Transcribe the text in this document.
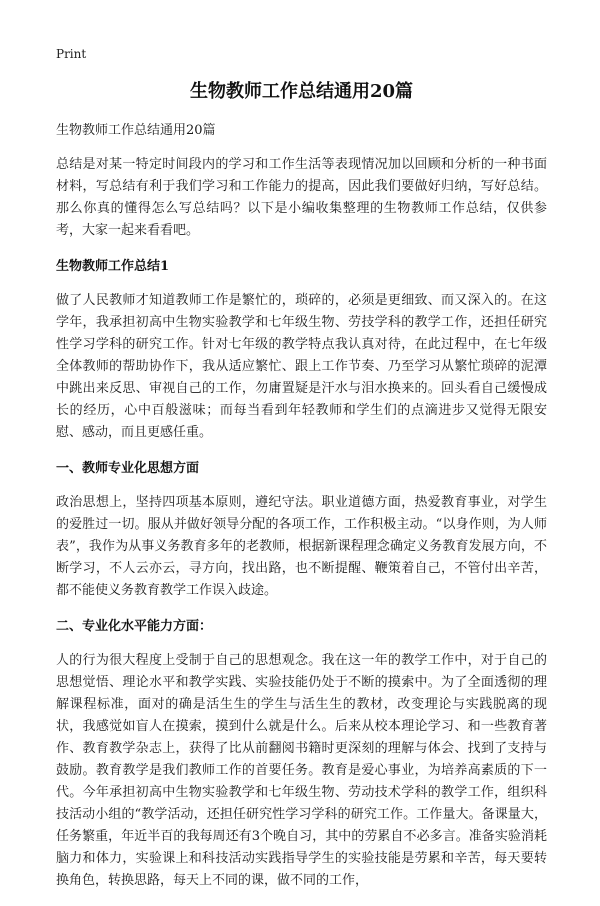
Print
生物教师工作总结通用20篇
生物教师工作总结通用20篇

总结是对某一特定时间段内的学习和工作生活等表现情况加以回顾和分析的一种书面材料，写总结有利于我们学习和工作能力的提高，因此我们要做好归纳，写好总结。那么你真的懂得怎么写总结吗？以下是小编收集整理的生物教师工作总结，仅供参考，大家一起来看看吧。

生物教师工作总结1

做了人民教师才知道教师工作是繁忙的，琐碎的，必须是更细致、而又深入的。在这学年，我承担初高中生物实验教学和七年级生物、劳技学科的教学工作，还担任研究性学习学科的研究工作。针对七年级的教学特点我认真对待，在此过程中，在七年级全体教师的帮助协作下，我从适应繁忙、跟上工作节奏、乃至学习从繁忙琐碎的泥潭中跳出来反思、审视自己的工作，勿庸置疑是汗水与泪水换来的。回头看自己缓慢成长的经历，心中百般滋味；而每当看到年轻教师和学生们的点滴进步又觉得无限安慰、感动，而且更感任重。

一、教师专业化思想方面

政治思想上，坚持四项基本原则，遵纪守法。职业道德方面，热爱教育事业，对学生的爱胜过一切。服从并做好领导分配的各项工作，工作积极主动。“以身作则，为人师表”，我作为从事义务教育多年的老教师，根据新课程理念确定义务教育发展方向，不断学习，不人云亦云，寻方向，找出路，也不断提醒、鞭策着自己，不管付出辛苦，都不能使义务教育教学工作误入歧途。

二、专业化水平能力方面：

人的行为很大程度上受制于自己的思想观念。我在这一年的教学工作中，对于自己的思想觉悟、理论水平和教学实践、实验技能仍处于不断的摸索中。为了全面透彻的理解课程标准，面对的确是活生生的学生与活生生的教材，改变理论与实践脱离的现状，我感觉如盲人在摸索，摸到什么就是什么。后来从校本理论学习、和一些教育著作、教育教学杂志上，获得了比从前翻阅书籍时更深刻的理解与体会、找到了支持与鼓励。教育教学是我们教师工作的首要任务。教育是爱心事业，为培养高素质的下一代。今年承担初高中生物实验教学和七年级生物、劳动技术学科的教学工作，组织科技活动小组的“教学活动，还担任研究性学习学科的研究工作。工作量大。备课量大，任务繁重，年近半百的我每周还有3个晚自习，其中的劳累自不必多言。准备实验消耗脑力和体力，实验课上和科技活动实践指导学生的实验技能是劳累和辛苦，每天要转换角色，转换思路，每天上不同的课，做不同的工作，
